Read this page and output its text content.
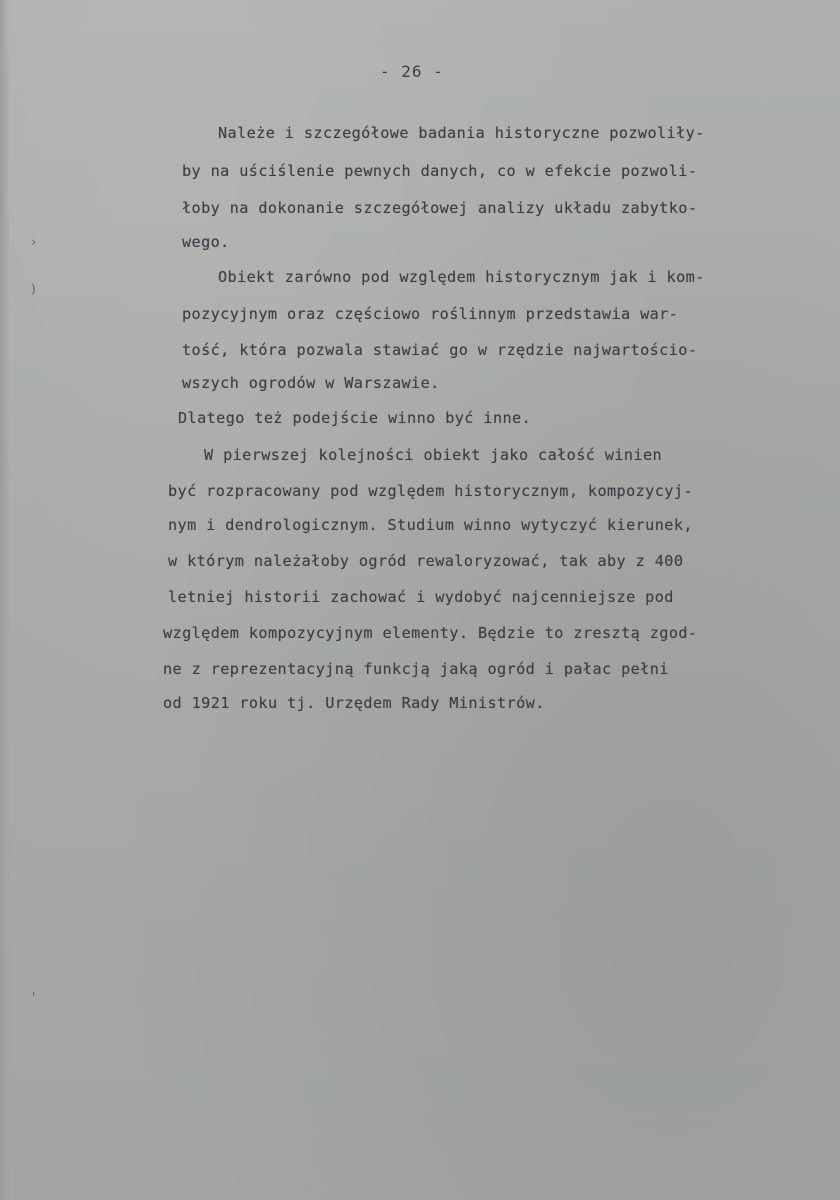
›
)
'
- 26 -
Należe i szczegółowe badania historyczne pozwoliły-
by na uściślenie pewnych danych, co w efekcie pozwoli-
łoby na dokonanie szczegółowej analizy układu zabytko-
wego.
Obiekt zarówno pod względem historycznym jak i kom-
pozycyjnym oraz częściowo roślinnym przedstawia war-
tość, która pozwala stawiać go w rzędzie najwartościo-
wszych ogrodów w Warszawie.
Dlatego też podejście winno być inne.
W pierwszej kolejności obiekt jako całość winien
być rozpracowany pod względem historycznym, kompozycyj-
nym i dendrologicznym. Studium winno wytyczyć kierunek,
w którym należałoby ogród rewaloryzować, tak aby z 400
letniej historii zachować i wydobyć najcenniejsze pod
względem kompozycyjnym elementy. Będzie to zresztą zgod-
ne z reprezentacyjną funkcją jaką ogród i pałac pełni
od 1921 roku tj. Urzędem Rady Ministrów.
